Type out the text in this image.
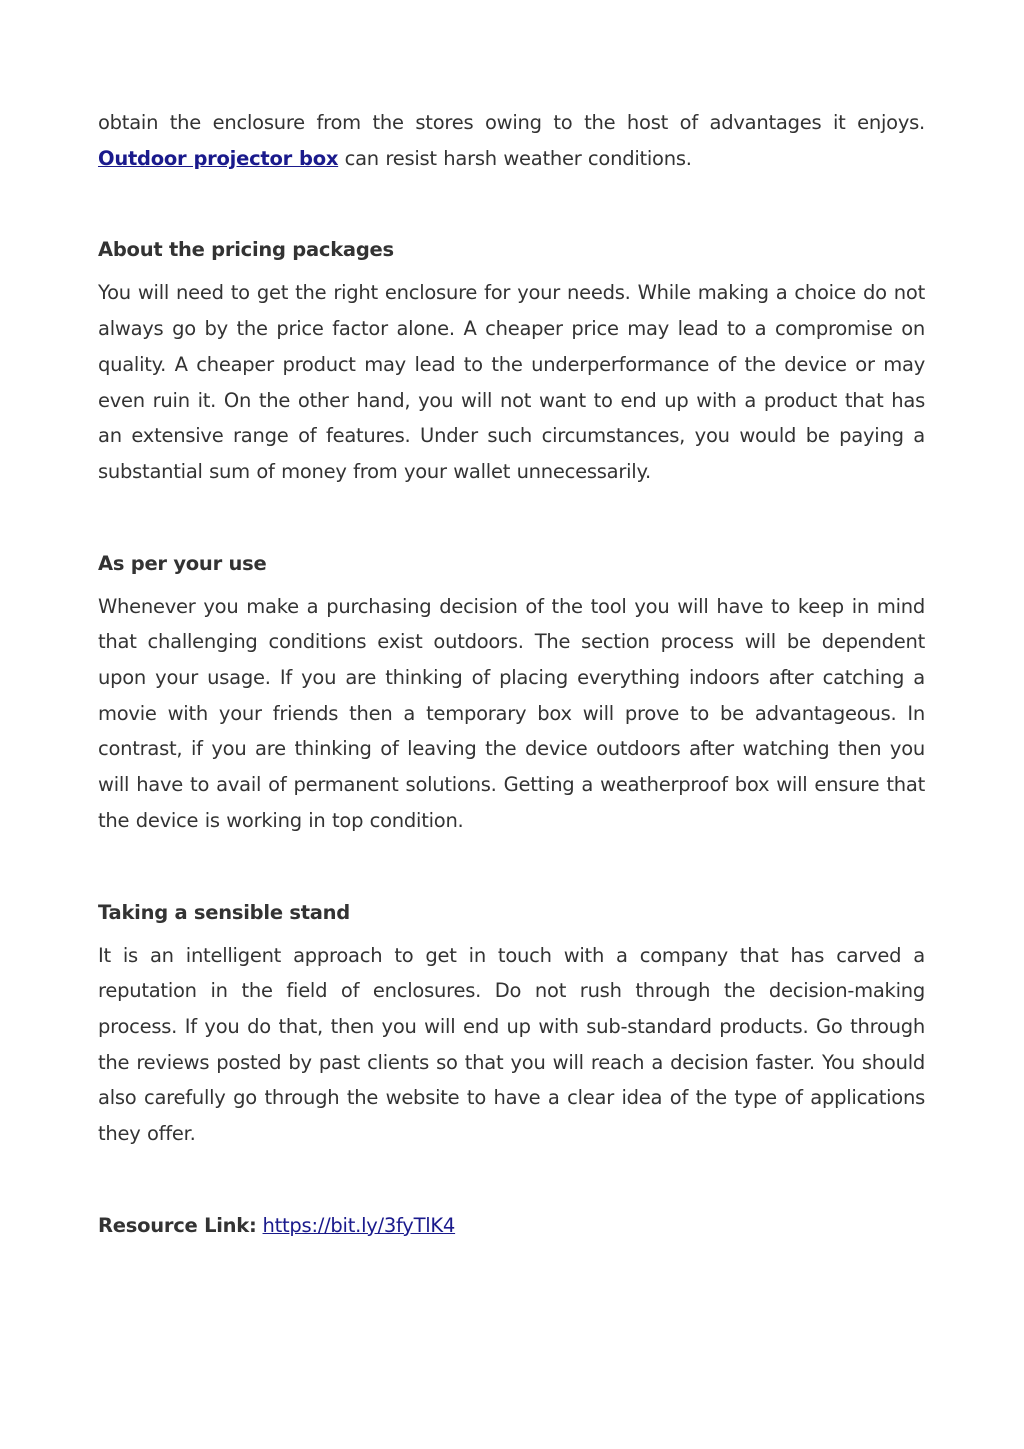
obtain the enclosure from the stores owing to the host of advantages it enjoys. Outdoor projector box can resist harsh weather conditions.

About the pricing packages

You will need to get the right enclosure for your needs. While making a choice do not always go by the price factor alone. A cheaper price may lead to a compromise on quality. A cheaper product may lead to the underperformance of the device or may even ruin it. On the other hand, you will not want to end up with a product that has an extensive range of features. Under such circumstances, you would be paying a substantial sum of money from your wallet unnecessarily.

As per your use

Whenever you make a purchasing decision of the tool you will have to keep in mind that challenging conditions exist outdoors. The section process will be dependent upon your usage. If you are thinking of placing everything indoors after catching a movie with your friends then a temporary box will prove to be advantageous. In contrast, if you are thinking of leaving the device outdoors after watching then you will have to avail of permanent solutions. Getting a weatherproof box will ensure that the device is working in top condition.

Taking a sensible stand

It is an intelligent approach to get in touch with a company that has carved a reputation in the field of enclosures. Do not rush through the decision-making process. If you do that, then you will end up with sub-standard products. Go through the reviews posted by past clients so that you will reach a decision faster. You should also carefully go through the website to have a clear idea of the type of applications they offer.

Resource Link: https://bit.ly/3fyTlK4
